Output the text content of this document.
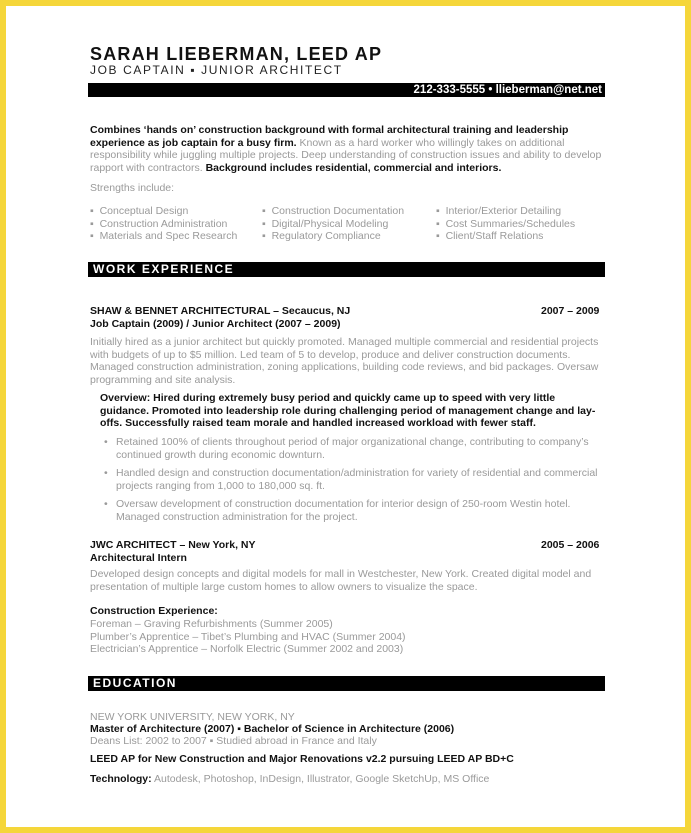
SARAH LIEBERMAN, LEED AP
JOB CAPTAIN ▪ JUNIOR ARCHITECT
212-333-5555 • llieberman@net.net
Combines ‘hands on’ construction background with formal architectural training and leadership experience as job captain for a busy firm. Known as a hard worker who willingly takes on additional responsibility while juggling multiple projects. Deep understanding of construction issues and ability to develop rapport with contractors. Background includes residential, commercial and interiors.
Strengths include:
▪  Conceptual Design
▪  Construction Administration
▪  Materials and Spec Research
▪  Construction Documentation
▪  Digital/Physical Modeling
▪  Regulatory Compliance
▪  Interior/Exterior Detailing
▪  Cost Summaries/Schedules
▪  Client/Staff Relations
WORK EXPERIENCE
SHAW & BENNET ARCHITECTURAL – Secaucus, NJ	2007 – 2009
Job Captain (2009) / Junior Architect (2007 – 2009)
Initially hired as a junior architect but quickly promoted. Managed multiple commercial and residential projects with budgets of up to $5 million. Led team of 5 to develop, produce and deliver construction documents. Managed construction administration, zoning applications, building code reviews, and bid packages. Oversaw programming and site analysis.
Overview: Hired during extremely busy period and quickly came up to speed with very little guidance. Promoted into leadership role during challenging period of management change and lay-offs. Successfully raised team morale and handled increased workload with fewer staff.
• Retained 100% of clients throughout period of major organizational change, contributing to company’s continued growth during economic downturn.
• Handled design and construction documentation/administration for variety of residential and commercial projects ranging from 1,000 to 180,000 sq. ft.
• Oversaw development of construction documentation for interior design of 250-room Westin hotel. Managed construction administration for the project.
JWC ARCHITECT – New York, NY	2005 – 2006
Architectural Intern
Developed design concepts and digital models for mall in Westchester, New York. Created digital model and presentation of multiple large custom homes to allow owners to visualize the space.
Construction Experience:
Foreman – Graving Refurbishments (Summer 2005)
Plumber’s Apprentice – Tibet’s Plumbing and HVAC (Summer 2004)
Electrician’s Apprentice – Norfolk Electric (Summer 2002 and 2003)
EDUCATION
NEW YORK UNIVERSITY, NEW YORK, NY
Master of Architecture (2007) ▪ Bachelor of Science in Architecture (2006)
Deans List: 2002 to 2007 ▪ Studied abroad in France and Italy
LEED AP for New Construction and Major Renovations v2.2 pursuing LEED AP BD+C
Technology: Autodesk, Photoshop, InDesign, Illustrator, Google SketchUp, MS Office
